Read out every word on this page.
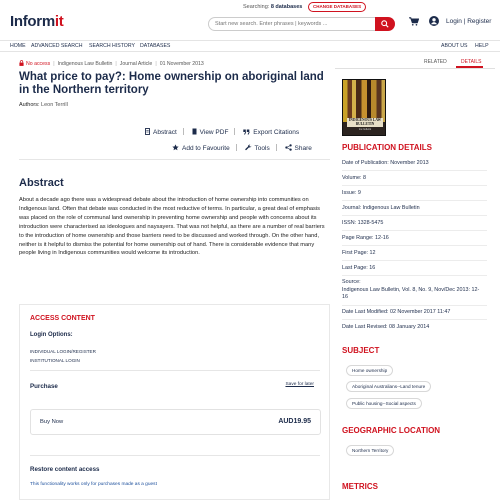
Informit
Searching: 8 databases	CHANGE DATABASES
Start new search. Enter phrases | keywords ...
Login | Register
HOME ADVANCED SEARCH SEARCH HISTORY DATABASES	ABOUT US HELP
No access | Indigenous Law Bulletin | Journal Article | 01 November 2013
What price to pay?: Home ownership on aboriginal land in the Northern territory
Authors: Leon Terrill
Abstract	View PDF	Export Citations
Add to Favourite	Tools	Share
Abstract
About a decade ago there was a widespread debate about the introduction of home ownership into communities on Indigenous land. Often that debate was conducted in the most reductive of terms. In particular, a great deal of emphasis was placed on the role of communal land ownership in preventing home ownership and people with concerns about its introduction were characterised as ideologues and naysayers. That was not helpful, as there are a number of real barriers to the introduction of home ownership and those barriers need to be discussed and worked through. On the other hand, neither is it helpful to dismiss the potential for home ownership out of hand. There is considerable evidence that many people living in Indigenous communities would welcome its introduction.
ACCESS CONTENT
Login Options:
INDIVIDUAL LOGIN/REGISTER
INSTITUTIONAL LOGIN
Purchase	Save for later
Buy Now	AUD19.95
Restore content access
This functionality works only for purchases made as a guest
RELATED	DETAILS
INDIGENOUS LAW BULLETIN
law bulletin
PUBLICATION DETAILS
Date of Publication: November 2013
Volume: 8
Issue: 9
Journal: Indigenous Law Bulletin
ISSN: 1328-5475
Page Range: 12-16
First Page: 12
Last Page: 16
Source:
Indigenous Law Bulletin, Vol. 8, No. 9, Nov/Dec 2013: 12-16
Date Last Modified: 02 November 2017 11:47
Date Last Revised: 08 January 2014
SUBJECT
Home ownership
Aboriginal Australians--Land tenure
Public housing--Social aspects
GEOGRAPHIC LOCATION
Northern Territory
METRICS
